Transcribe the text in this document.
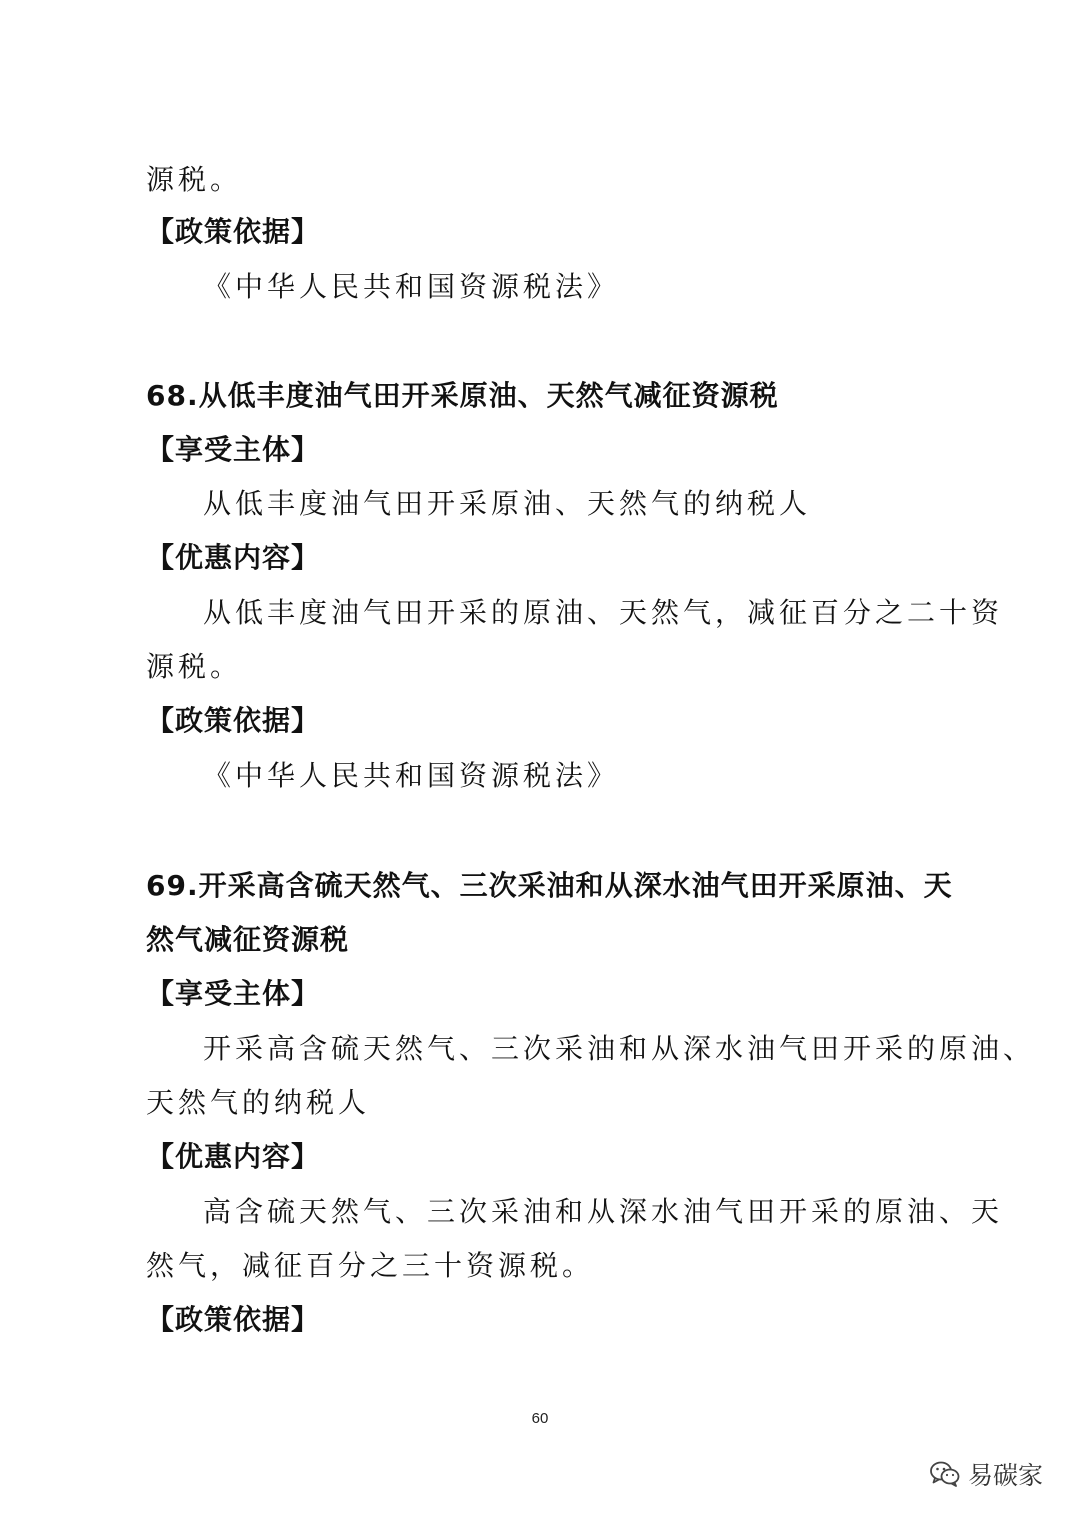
源税。
【政策依据】
《中华人民共和国资源税法》
68.从低丰度油气田开采原油、天然气减征资源税
【享受主体】
从低丰度油气田开采原油、天然气的纳税人
【优惠内容】
从低丰度油气田开采的原油、天然气，减征百分之二十资
源税。
【政策依据】
《中华人民共和国资源税法》
69.开采高含硫天然气、三次采油和从深水油气田开采原油、天
然气减征资源税
【享受主体】
开采高含硫天然气、三次采油和从深水油气田开采的原油、
天然气的纳税人
【优惠内容】
高含硫天然气、三次采油和从深水油气田开采的原油、天
然气，减征百分之三十资源税。
【政策依据】
60
易碳家
